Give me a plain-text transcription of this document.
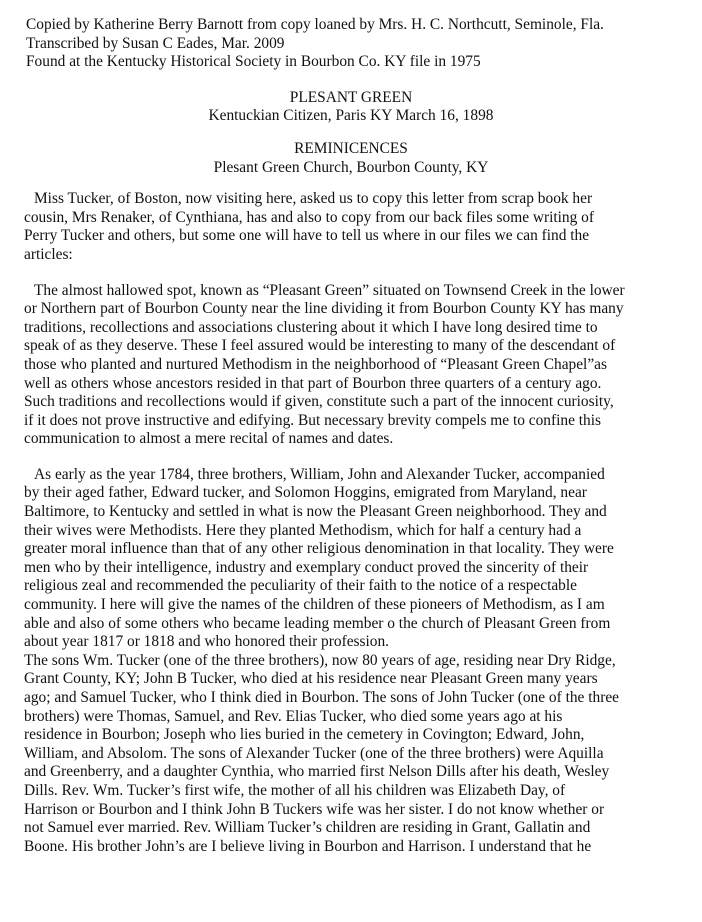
Copied by Katherine Berry Barnott from copy loaned by Mrs. H. C. Northcutt, Seminole, Fla.

Transcribed by Susan C Eades, Mar. 2009

Found at the Kentucky Historical Society in Bourbon Co. KY file in 1975

PLESANT GREEN

Kentuckian Citizen, Paris KY March 16, 1898

REMINICENCES

Plesant Green Church, Bourbon County, KY

Miss Tucker, of Boston, now visiting here, asked us to copy this letter from scrap book her
cousin, Mrs Renaker, of Cynthiana, has and also to copy from our back files some writing of
Perry Tucker and others, but some one will have to tell us where in our files we can find the
articles:
The almost hallowed spot, known as “Pleasant Green” situated on Townsend Creek in the lower
or Northern part of Bourbon County near the line dividing it from Bourbon County KY has many
traditions, recollections and associations clustering about it which I have long desired time to
speak of as they deserve. These I feel assured would be interesting to many of the descendant of
those who planted and nurtured Methodism in the neighborhood of “Pleasant Green Chapel”as
well as others whose ancestors resided in that part of Bourbon three quarters of a century ago.
Such traditions and recollections would if given, constitute such a part of the innocent curiosity,
if it does not prove instructive and edifying. But necessary brevity compels me to confine this
communication to almost a mere recital of names and dates.
As early as the year 1784, three brothers, William, John and Alexander Tucker, accompanied
by their aged father, Edward tucker, and Solomon Hoggins, emigrated from Maryland, near
Baltimore, to Kentucky and settled in what is now the Pleasant Green neighborhood. They and
their wives were Methodists. Here they planted Methodism, which for half a century had a
greater moral influence than that of any other religious denomination in that locality. They were
men who by their intelligence, industry and exemplary conduct proved the sincerity of their
religious zeal and recommended the peculiarity of their faith to the notice of a respectable
community. I here will give the names of the children of these pioneers of Methodism, as I am
able and also of some others who became leading member o the church of Pleasant Green from
about year 1817 or 1818 and who honored their profession.
The sons Wm. Tucker (one of the three brothers), now 80 years of age, residing near Dry Ridge,
Grant County, KY; John B Tucker, who died at his residence near Pleasant Green many years
ago; and Samuel Tucker, who I think died in Bourbon. The sons of John Tucker (one of the three
brothers) were Thomas, Samuel, and Rev. Elias Tucker, who died some years ago at his
residence in Bourbon; Joseph who lies buried in the cemetery in Covington; Edward, John,
William, and Absolom. The sons of Alexander Tucker (one of the three brothers) were Aquilla
and Greenberry, and a daughter Cynthia, who married first Nelson Dills after his death, Wesley
Dills. Rev. Wm. Tucker’s first wife, the mother of all his children was Elizabeth Day, of
Harrison or Bourbon and I think John B Tuckers wife was her sister. I do not know whether or
not Samuel ever married. Rev. William Tucker’s children are residing in Grant, Gallatin and
Boone. His brother John’s are I believe living in Bourbon and Harrison. I understand that he
